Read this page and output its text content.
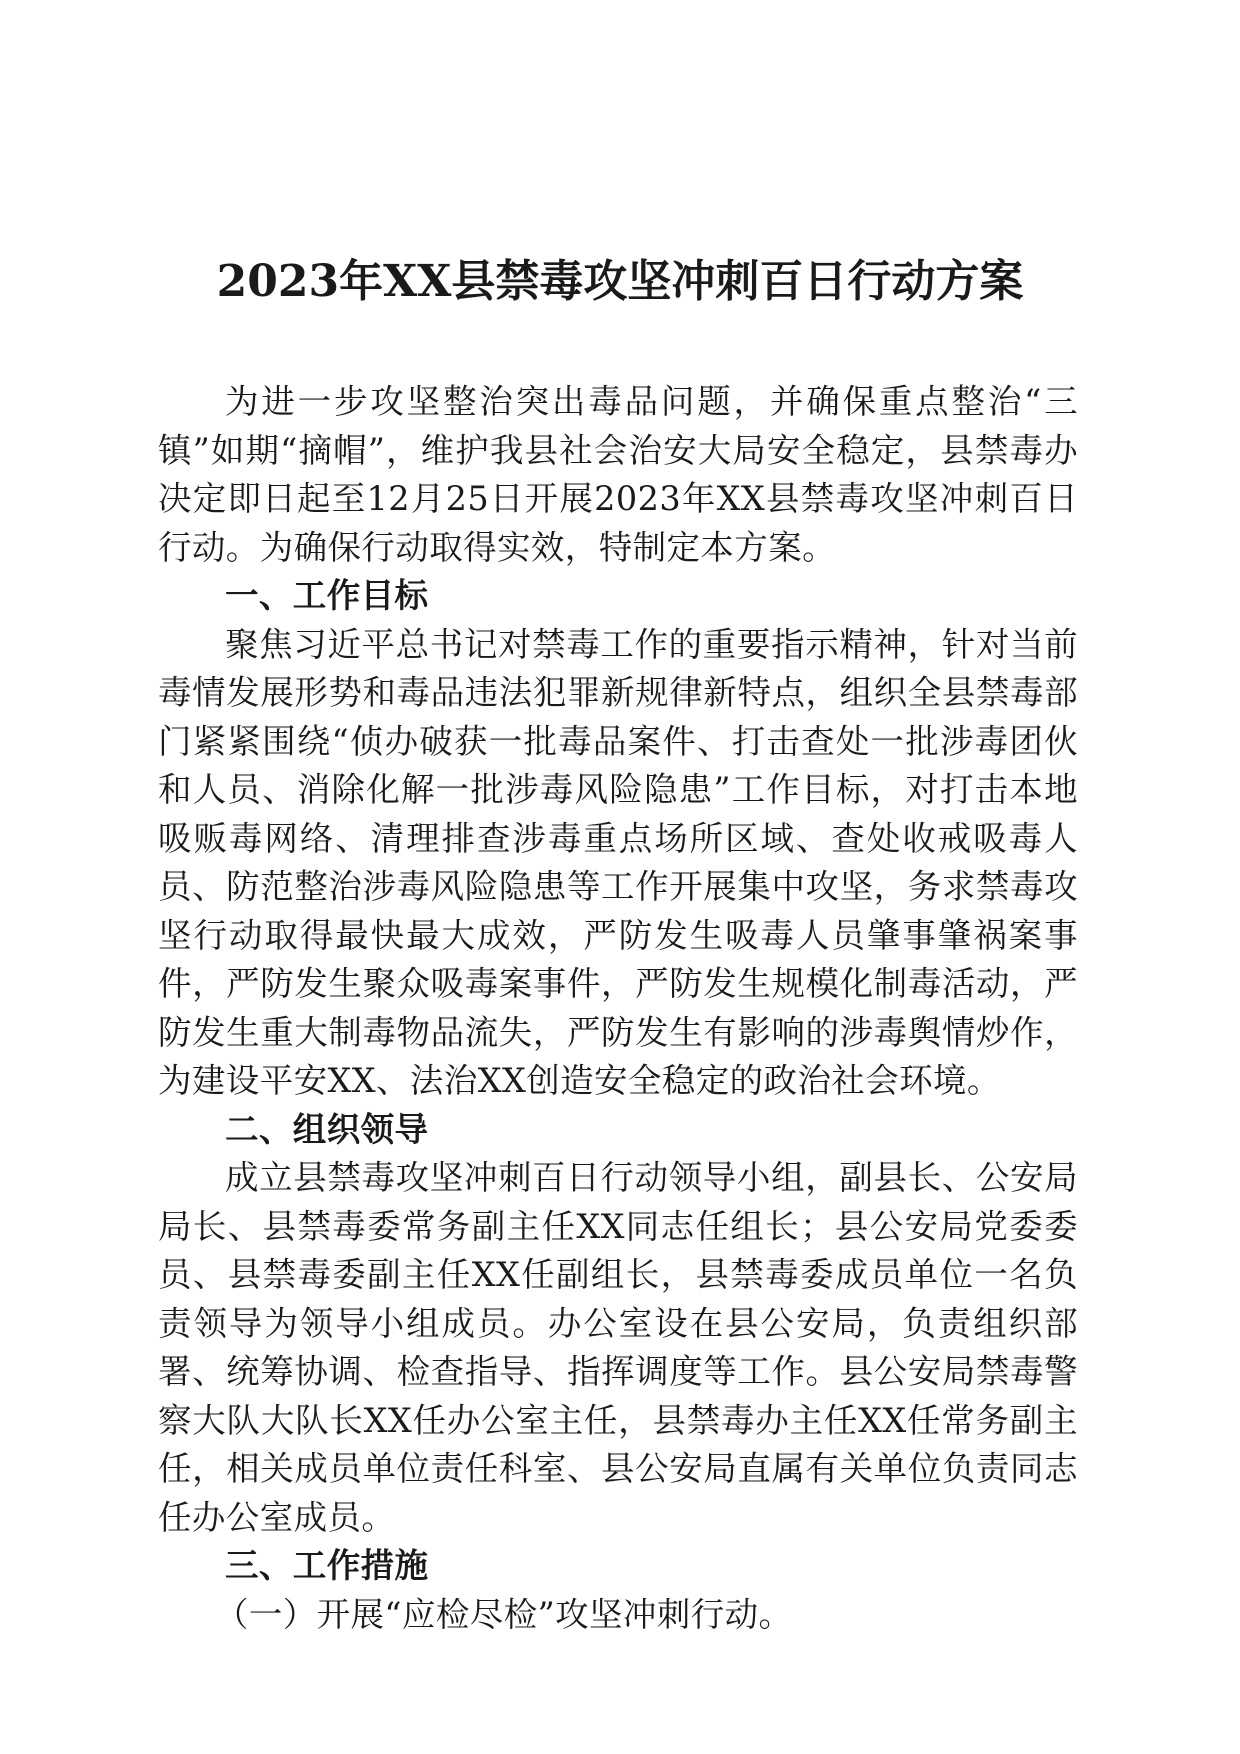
2023年XX县禁毒攻坚冲刺百日行动方案

为进一步攻坚整治突出毒品问题，并确保重点整治“三镇”如期“摘帽”，维护我县社会治安大局安全稳定，县禁毒办决定即日起至12月25日开展2023年XX县禁毒攻坚冲刺百日行动。为确保行动取得实效，特制定本方案。

一、工作目标

聚焦习近平总书记对禁毒工作的重要指示精神，针对当前毒情发展形势和毒品违法犯罪新规律新特点，组织全县禁毒部门紧紧围绕“侦办破获一批毒品案件、打击查处一批涉毒团伙和人员、消除化解一批涉毒风险隐患”工作目标，对打击本地吸贩毒网络、清理排查涉毒重点场所区域、查处收戒吸毒人员、防范整治涉毒风险隐患等工作开展集中攻坚，务求禁毒攻坚行动取得最快最大成效，严防发生吸毒人员肇事肇祸案事件，严防发生聚众吸毒案事件，严防发生规模化制毒活动，严防发生重大制毒物品流失，严防发生有影响的涉毒舆情炒作，为建设平安XX、法治XX创造安全稳定的政治社会环境。

二、组织领导

成立县禁毒攻坚冲刺百日行动领导小组，副县长、公安局局长、县禁毒委常务副主任XX同志任组长；县公安局党委委员、县禁毒委副主任XX任副组长，县禁毒委成员单位一名负责领导为领导小组成员。办公室设在县公安局，负责组织部署、统筹协调、检查指导、指挥调度等工作。县公安局禁毒警察大队大队长XX任办公室主任，县禁毒办主任XX任常务副主任，相关成员单位责任科室、县公安局直属有关单位负责同志任办公室成员。

三、工作措施

（一）开展“应检尽检”攻坚冲刺行动。
